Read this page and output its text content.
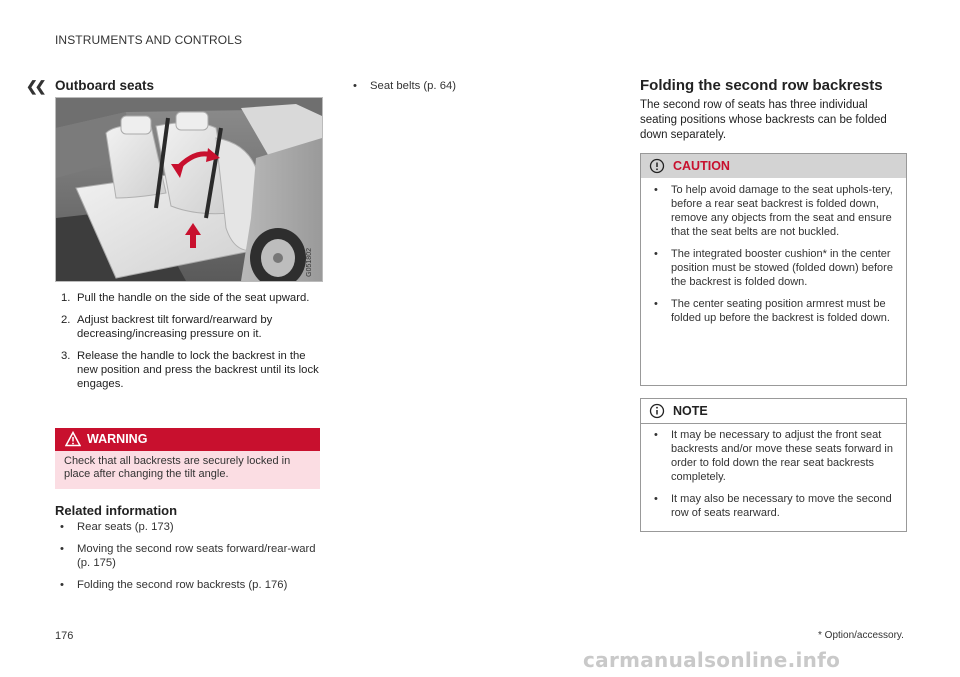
INSTRUMENTS AND CONTROLS
❮❮ Outboard seats
G051802
1. Pull the handle on the side of the seat upward.
2. Adjust backrest tilt forward/rearward by decreasing/increasing pressure on it.
3. Release the handle to lock the backrest in the new position and press the backrest until its lock engages.
WARNING
Check that all backrests are securely locked in place after changing the tilt angle.
Related information
• Rear seats (p. 173)
• Moving the second row seats forward/rear-ward (p. 175)
• Folding the second row backrests (p. 176)
• Seat belts (p. 64)	Folding the second row backrests
The second row of seats has three individual seating positions whose backrests can be folded down separately.
CAUTION
• To help avoid damage to the seat uphols-tery, before a rear seat backrest is folded down, remove any objects from the seat and ensure that the seat belts are not buckled.
• The integrated booster cushion* in the center position must be stowed (folded down) before the backrest is folded down.
• The center seating position armrest must be folded up before the backrest is folded down.
NOTE
• It may be necessary to adjust the front seat backrests and/or move these seats forward in order to fold down the rear seat backrests completely.
• It may also be necessary to move the second row of seats rearward.
176	* Option/accessory.
carmanualsonline.info
